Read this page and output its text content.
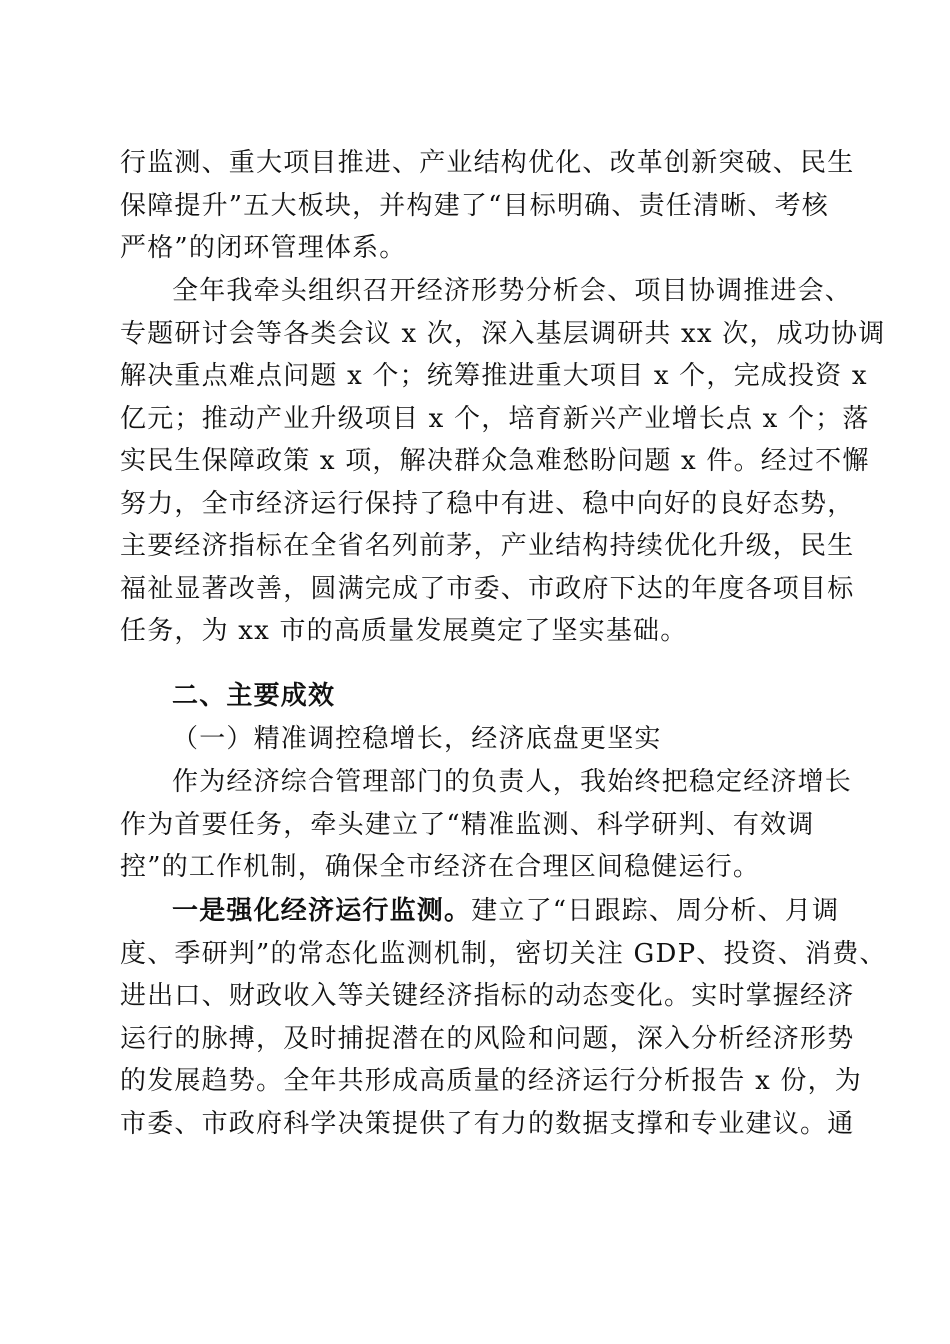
行监测、重大项目推进、产业结构优化、改革创新突破、民生
保障提升”五大板块，并构建了“目标明确、责任清晰、考核
严格”的闭环管理体系。
全年我牵头组织召开经济形势分析会、项目协调推进会、
专题研讨会等各类会议 x 次，深入基层调研共 xx 次，成功协调
解决重点难点问题 x 个；统筹推进重大项目 x 个，完成投资 x
亿元；推动产业升级项目 x 个，培育新兴产业增长点 x 个；落
实民生保障政策 x 项，解决群众急难愁盼问题 x 件。经过不懈
努力，全市经济运行保持了稳中有进、稳中向好的良好态势，
主要经济指标在全省名列前茅，产业结构持续优化升级，民生
福祉显著改善，圆满完成了市委、市政府下达的年度各项目标
任务，为 xx 市的高质量发展奠定了坚实基础。
二、主要成效
（一）精准调控稳增长，经济底盘更坚实
作为经济综合管理部门的负责人，我始终把稳定经济增长
作为首要任务，牵头建立了“精准监测、科学研判、有效调
控”的工作机制，确保全市经济在合理区间稳健运行。
一是强化经济运行监测。建立了“日跟踪、周分析、月调
度、季研判”的常态化监测机制，密切关注 GDP、投资、消费、
进出口、财政收入等关键经济指标的动态变化。实时掌握经济
运行的脉搏，及时捕捉潜在的风险和问题，深入分析经济形势
的发展趋势。全年共形成高质量的经济运行分析报告 x 份，为
市委、市政府科学决策提供了有力的数据支撑和专业建议。通
